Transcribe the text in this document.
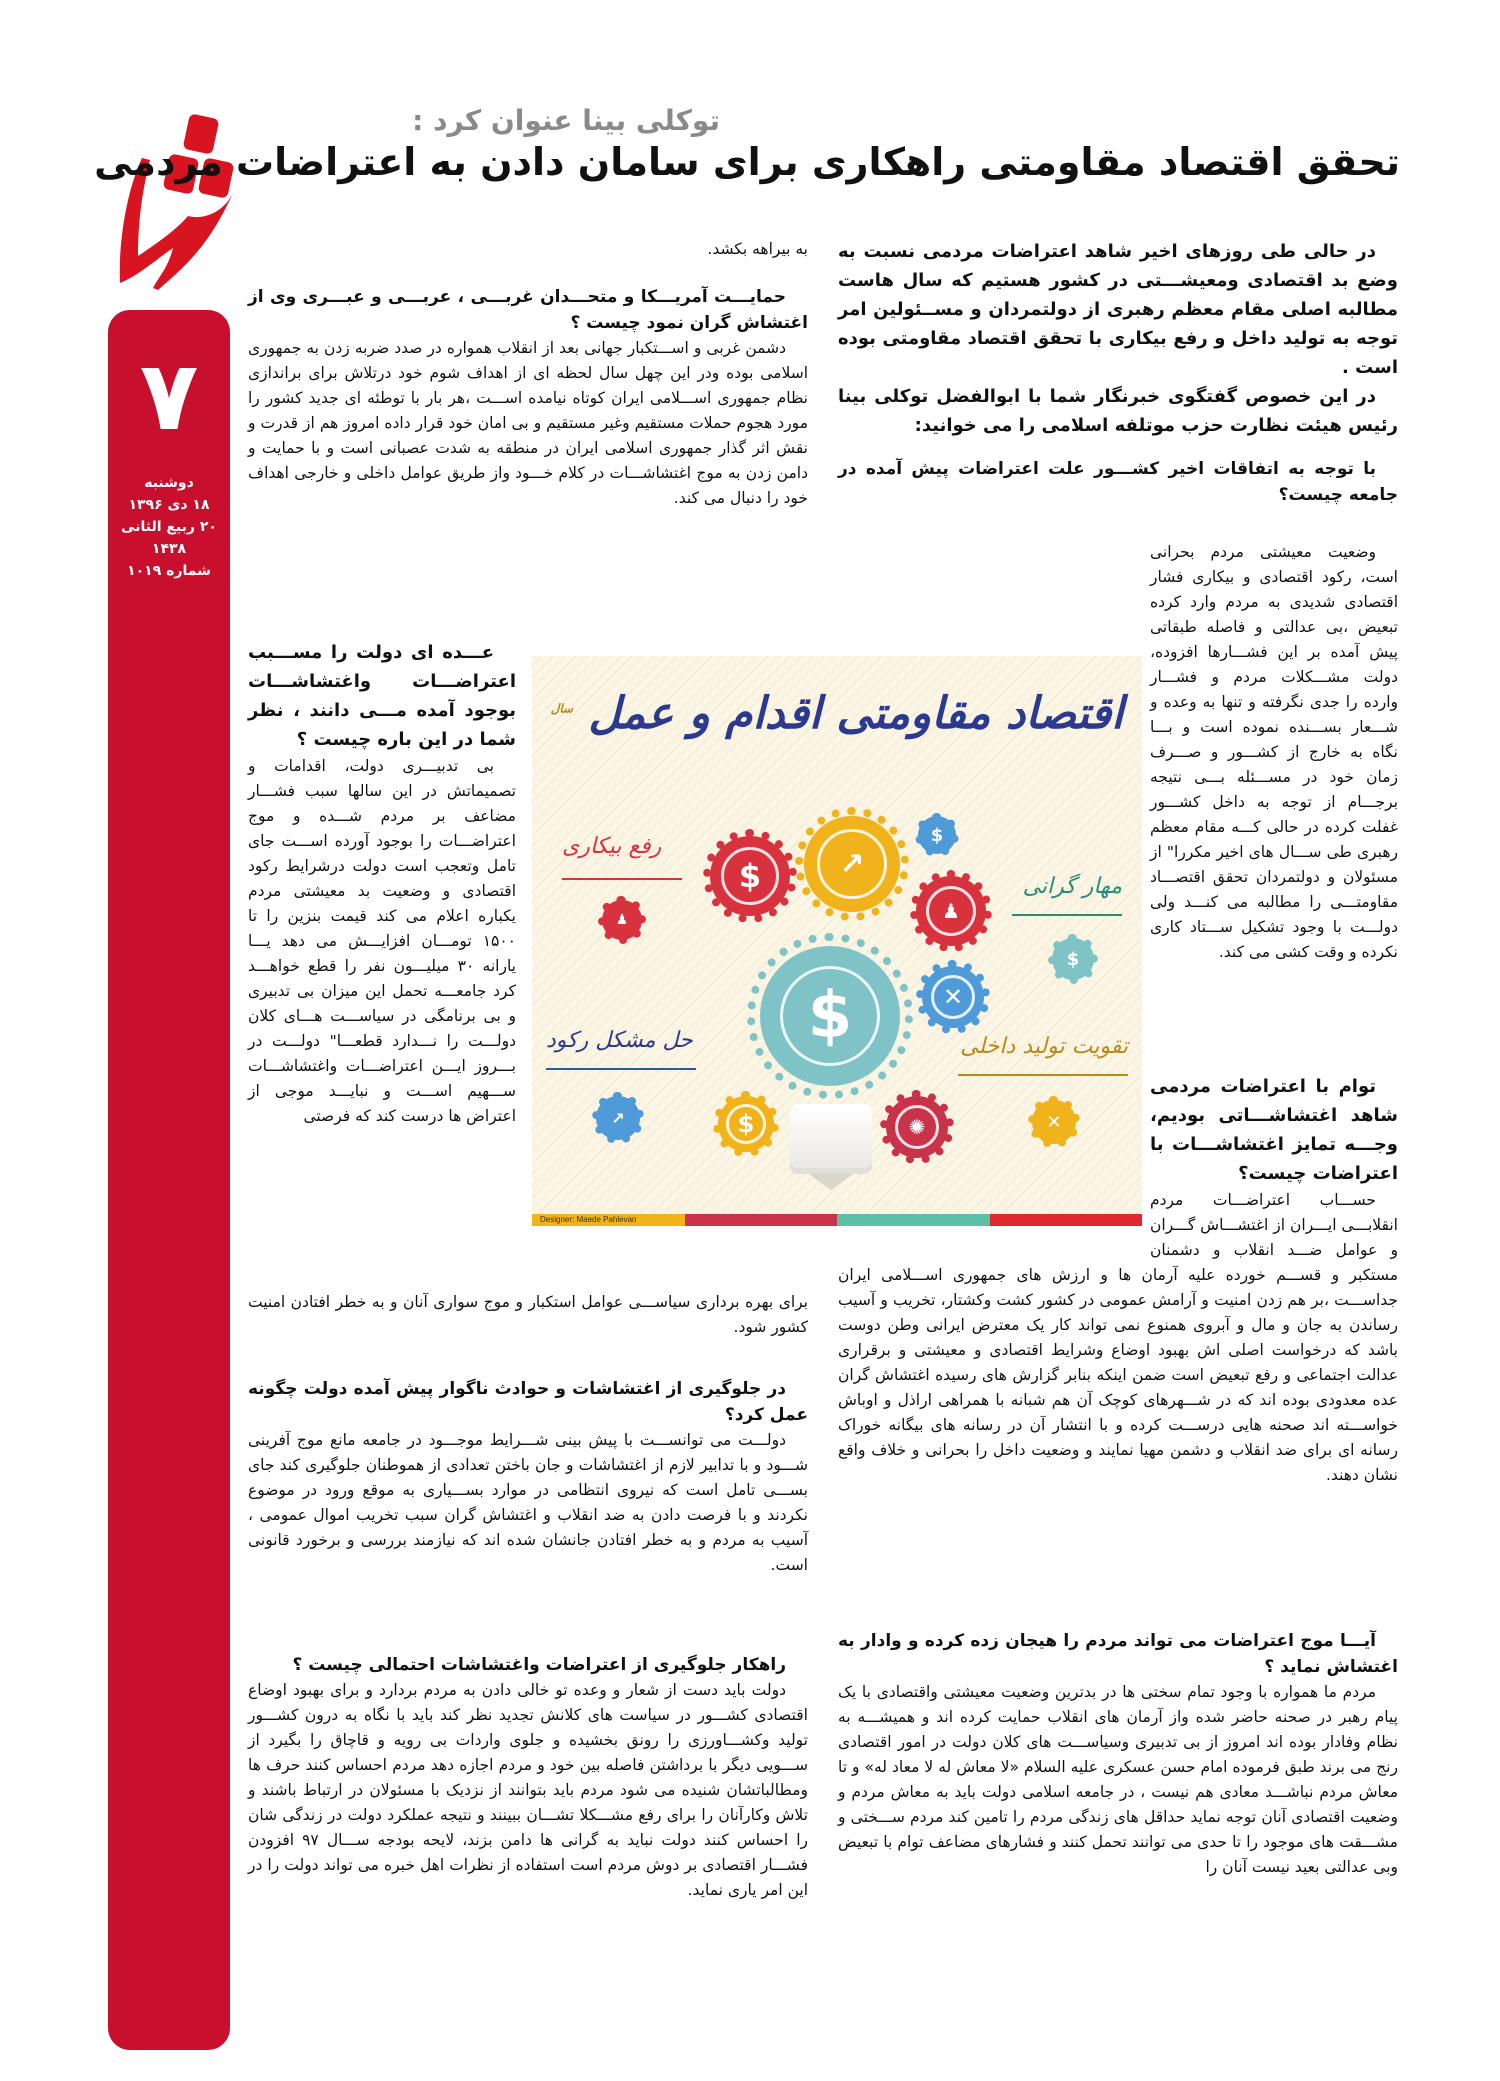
۷
دوشنبه
۱۸ دی ۱۳۹۶
۲۰ ربیع الثانی ۱۴۳۸
شماره ۱۰۱۹
توکلی بینا عنوان کرد :
تحقق اقتصاد مقاومتی راهکاری برای سامان دادن به اعتراضات مردمی

در حالی طی روزهای اخیر شاهد اعتراضات مردمی نسبت به وضع بد اقتصادی ومعیشـــتی در کشور هستیم که سال هاست مطالبه اصلی مقام معظم رهبری از دولتمردان و مســئولین امر توجه به تولید داخل و رفع بیکاری با تحقق اقتصاد مقاومتی بوده است .

در این خصوص گفتگوی خبرنگار شما با ابوالفضل توکلی بینا رئیس هیئت نظارت حزب موتلفه اسلامی را می خوانید:

با توجه به اتفاقات اخیر کشـــور علت اعتراضات پیش آمده در جامعه چیست؟

وضعیت معیشتی مردم بحرانی است، رکود اقتصادی و بیکاری فشار اقتصادی شدیدی به مردم وارد کرده تبعیض ،بی عدالتی و فاصله طبقاتی پیش آمده بر این فشـــارها افزوده، دولت مشـــکلات مردم و فشـــار وارده را جدی نگرفته و تنها به وعده و شـــعار بســـنده نموده است و بـــا نگاه به خارج از کشـــور و صـــرف زمان خود در مســـئله بـــی نتیجه برجـــام از توجه به داخل کشـــور غفلت کرده در حالی کـــه مقام معظم رهبری طی ســـال های اخیر مکررا" از مسئولان و دولتمردان تحقق اقتصـــاد مقاومتـــی را مطالبه می کنـــد ولی دولـــت با وجود تشکیل ســـتاد کاری نکرده و وقت کشی می کند.

توام با اعتراضات مردمی شاهد اغتشاشـــاتی بودیم، وجـــه تمایز اغتشاشـــات با اعتراضات چیست؟

حســـاب اعتراضـــات مردم انقلابـــی ایـــران از اغتشـــاش گـــران و عوامل ضـــد انقلاب و دشمنان مستکبر و قســـم خورده علیه آرمان ها و ارزش های جمهوری اســـلامی ایران جداســـت ،بر هم زدن امنیت و آرامش عمومی در کشور کشت وکشتار، تخریب و آسیب رساندن به جان و مال و آبروی همنوع نمی تواند کار یک معترض ایرانی وطن دوست باشد که درخواست اصلی اش بهبود اوضاع وشرایط اقتصادی و معیشتی و برقراری عدالت اجتماعی و رفع تبعیض است ضمن اینکه بنابر گزارش های رسیده اغتشاش گران عده معدودی بوده اند که در شـــهرهای کوچک آن هم شبانه با همراهی اراذل و اوباش خواســـته اند صحنه هایی درســـت کرده و با انتشار آن در رسانه های بیگانه خوراک رسانه ای برای ضد انقلاب و دشمن مهیا نمایند و وضعیت داخل را بحرانی و خلاف واقع نشان دهند.

آیـــا موج اعتراضات می تواند مردم را هیجان زده کرده و وادار به اغتشاش نماید ؟

مردم ما همواره با وجود تمام سختی ها در بدترین وضعیت معیشتی واقتصادی با یک پیام رهبر در صحنه حاضر شده واز آرمان های انقلاب حمایت کرده اند و همیشـــه به نظام وفادار بوده اند امروز از بی تدبیری وسیاســـت های کلان دولت در امور اقتصادی رنج می برند طبق فرموده امام حسن عسکری علیه السلام «لا معاش له لا معاد له» و تا معاش مردم نباشـــد معادی هم نیست ، در جامعه اسلامی دولت باید به معاش مردم و وضعیت اقتصادی آنان توجه نماید حداقل های زندگی مردم را تامین کند مردم ســـختی و مشـــقت های موجود را تا حدی می توانند تحمل کنند و فشارهای مضاعف توام با تبعیض وبی عدالتی بعید نیست آنان را

به بیراهه بکشد.

حمایـــت آمریـــکا و متحـــدان غربـــی ، عربـــی و عبـــری وی از اغتشاش گران نمود چیست ؟

دشمن غربی و اســـتکبار جهانی بعد از انقلاب همواره در صدد ضربه زدن به جمهوری اسلامی بوده ودر این چهل سال لحظه ای از اهداف شوم خود درتلاش برای براندازی نظام جمهوری اســـلامی ایران کوتاه نیامده اســـت ،هر بار با توطئه ای جدید کشور را مورد هجوم حملات مستقیم وغیر مستقیم و بی امان خود قرار داده امروز هم از قدرت و نقش اثر گذار جمهوری اسلامی ایران در منطقه به شدت عصبانی است و با حمایت و دامن زدن به موج اغتشاشـــات در کلام خـــود واز طریق عوامل داخلی و خارجی اهداف خود را دنبال می کند.

عـــده ای دولت را مســـبب اعتراضـــات واغتشاشـــات بوجود آمده مـــی دانند ، نظر شما در این باره چیست ؟

بی تدبیـــری دولت، اقدامات و تصمیماتش در این سالها سبب فشـــار مضاعف بر مردم شـــده و موج اعتراضـــات را بوجود آورده اســـت جای تامل وتعجب است دولت درشرایط رکود اقتصادی و وضعیت بد معیشتی مردم یکباره اعلام می کند قیمت بنزین را تا ۱۵۰۰ تومـــان افزایـــش می دهد یـــا یارانه ۳۰ میلیـــون نفر را قطع خواهـــد کرد جامعـــه تحمل این میزان بی تدبیری و بی برنامگی در سیاســـت هـــای کلان دولـــت را نـــدارد قطعـــا" دولـــت در بـــروز ایـــن اعتراضـــات واغتشاشـــات ســـهیم اســـت و نبایـــد موجی از اعتراض ها درست کند که فرصتی

برای بهره برداری سیاســـی عوامل استکبار و موج سواری آنان و به خطر افتادن امنیت کشور شود.

در جلوگیری از اغتشاشات و حوادث ناگوار پیش آمده دولت چگونه عمل کرد؟

دولـــت می توانســـت با پیش بینی شـــرایط موجـــود در جامعه مانع موج آفرینی شـــود و با تدابیر لازم از اغتشاشات و جان باختن تعدادی از هموطنان جلوگیری کند جای بســـی تامل است که نیروی انتظامی در موارد بســـیاری به موقع ورود در موضوع نکردند و با فرصت دادن به ضد انقلاب و اغتشاش گران سبب تخریب اموال عمومی ، آسیب به مردم و به خطر افتادن جانشان شده اند که نیازمند بررسی و برخورد قانونی است.

راهکار جلوگیری از اعتراضات واغتشاشات احتمالی چیست ؟

دولت باید دست از شعار و وعده تو خالی دادن به مردم بردارد و برای بهبود اوضاع اقتصادی کشـــور در سیاست های کلانش تجدید نظر کند باید با نگاه به درون کشـــور تولید وکشـــاورزی را رونق بخشیده و جلوی واردات بی رویه و قاچاق را بگیرد از ســـویی دیگر با برداشتن فاصله بین خود و مردم اجازه دهد مردم احساس کنند حرف ها ومطالباتشان شنیده می شود مردم باید بتوانند از نزدیک با مسئولان در ارتباط باشند و تلاش وکارآنان را برای رفع مشـــکلا تشـــان ببینند و نتیجه عملکرد دولت در زندگی شان را احساس کنند دولت نباید به گرانی ها دامن بزند، لایحه بودجه ســـال ۹۷ افزودن فشـــار اقتصادی بر دوش مردم است استفاده از نظرات اهل خبره می تواند دولت را در این امر یاری نماید.

اقتصاد مقاومتی اقدام و عمل $^{سال}$
رفع بیکاری
مهار گرانی
حل مشکل رکود	تقویت تولید داخلی
$
$	↗
$
♟
✕
✺
$
♟
$
↗	✕
Designer: Maede Pahlevan
